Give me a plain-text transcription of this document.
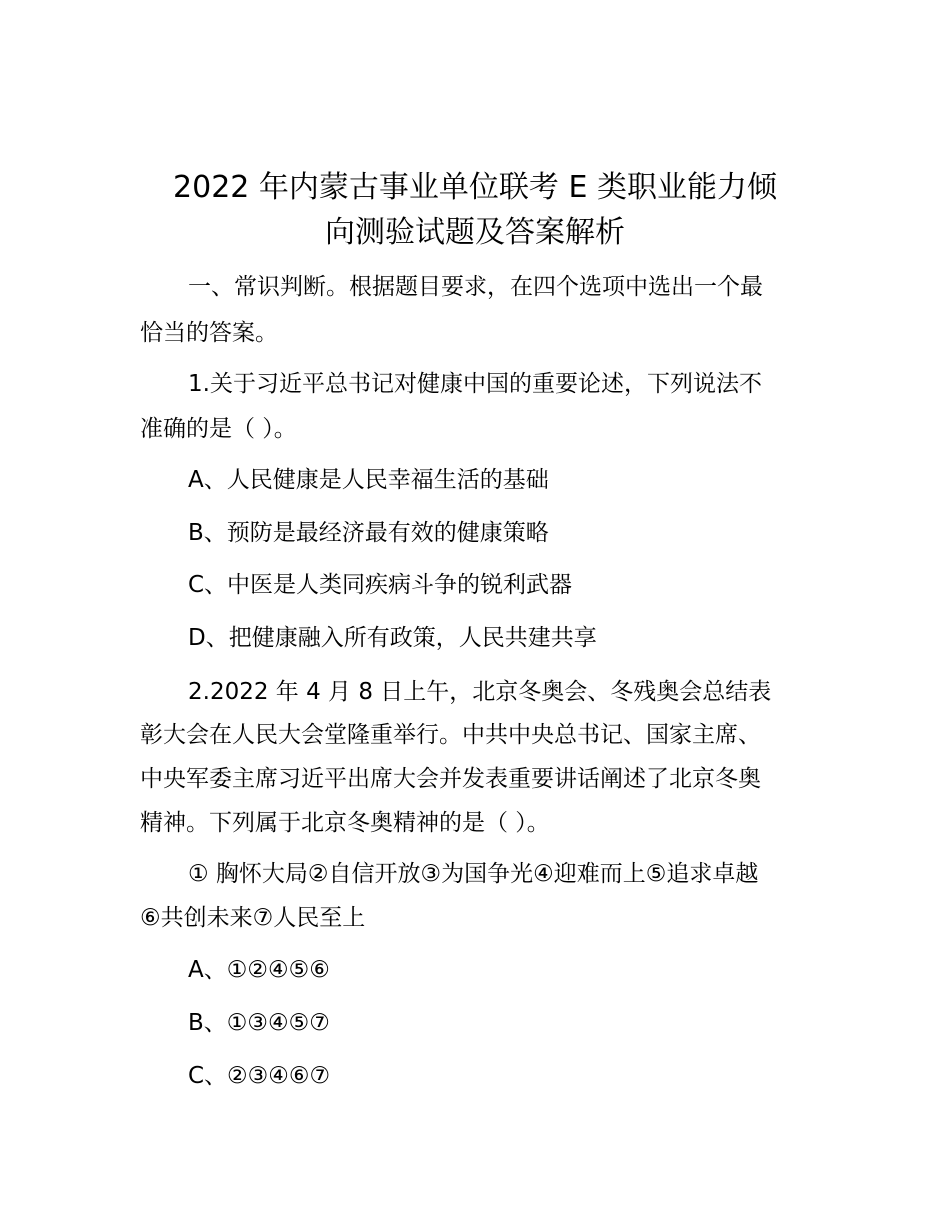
2022 年内蒙古事业单位联考 E 类职业能力倾
向测验试题及答案解析

一、常识判断。根据题目要求，在四个选项中选出一个最

恰当的答案。

1.关于习近平总书记对健康中国的重要论述，下列说法不

准确的是（ ）。

A、人民健康是人民幸福生活的基础

B、预防是最经济最有效的健康策略

C、中医是人类同疾病斗争的锐利武器

D、把健康融入所有政策，人民共建共享

2.2022 年 4 月 8 日上午，北京冬奥会、冬残奥会总结表

彰大会在人民大会堂隆重举行。中共中央总书记、国家主席、

中央军委主席习近平出席大会并发表重要讲话阐述了北京冬奥

精神。下列属于北京冬奥精神的是（ ）。

① 胸怀大局②自信开放③为国争光④迎难而上⑤追求卓越

⑥共创未来⑦人民至上

A、①②④⑤⑥

B、①③④⑤⑦

C、②③④⑥⑦
